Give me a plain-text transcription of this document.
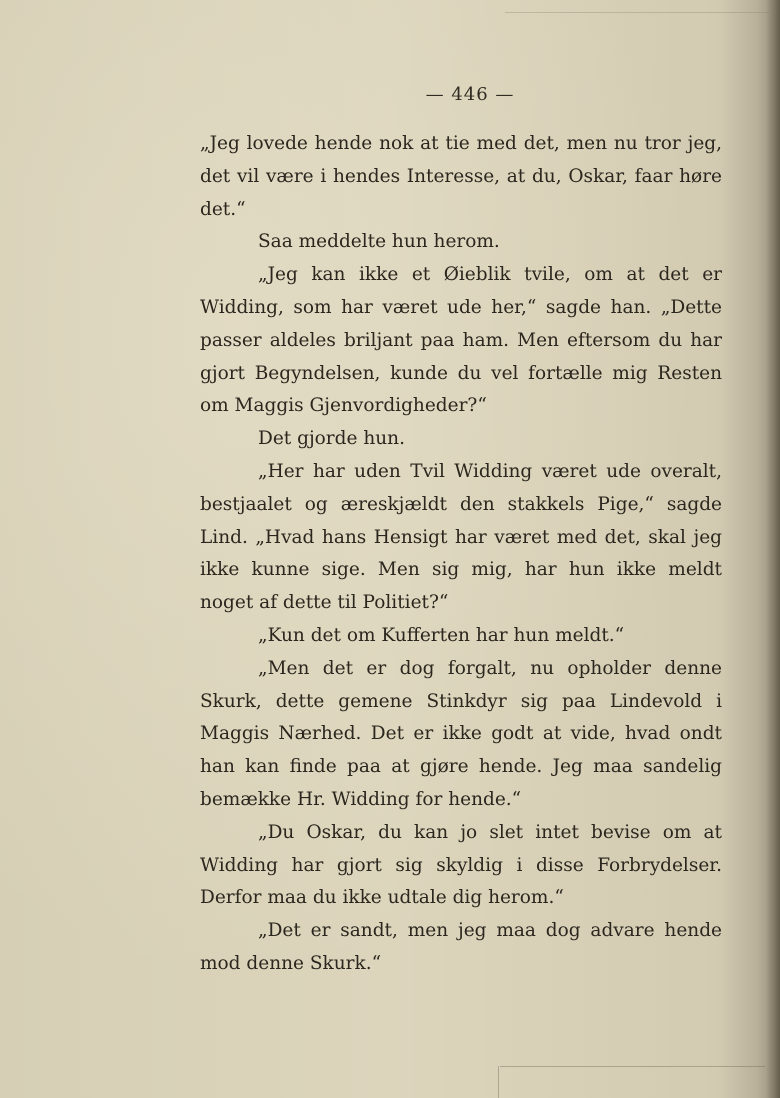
— 446 —

„Jeg lovede hende nok at tie med det, men nu tror jeg, det vil være i hendes Interesse, at du, Oskar, faar høre det.“

Saa meddelte hun herom.

„Jeg kan ikke et Øieblik tvile, om at det er Widding, som har været ude her,“ sagde han. „Dette passer aldeles briljant paa ham. Men eftersom du har gjort Begyndelsen, kunde du vel fortælle mig Resten om Maggis Gjenvordigheder?“

Det gjorde hun.

„Her har uden Tvil Widding været ude overalt, bestjaalet og æreskjældt den stakkels Pige,“ sagde Lind. „Hvad hans Hensigt har været med det, skal jeg ikke kunne sige. Men sig mig, har hun ikke meldt noget af dette til Politiet?“

„Kun det om Kufferten har hun meldt.“

„Men det er dog forgalt, nu opholder denne Skurk, dette gemene Stinkdyr sig paa Lindevold i Maggis Nærhed. Det er ikke godt at vide, hvad ondt han kan finde paa at gjøre hende. Jeg maa sandelig bemække Hr. Widding for hende.“

„Du Oskar, du kan jo slet intet bevise om at Widding har gjort sig skyldig i disse Forbrydelser. Derfor maa du ikke udtale dig herom.“

„Det er sandt, men jeg maa dog advare hende mod denne Skurk.“
